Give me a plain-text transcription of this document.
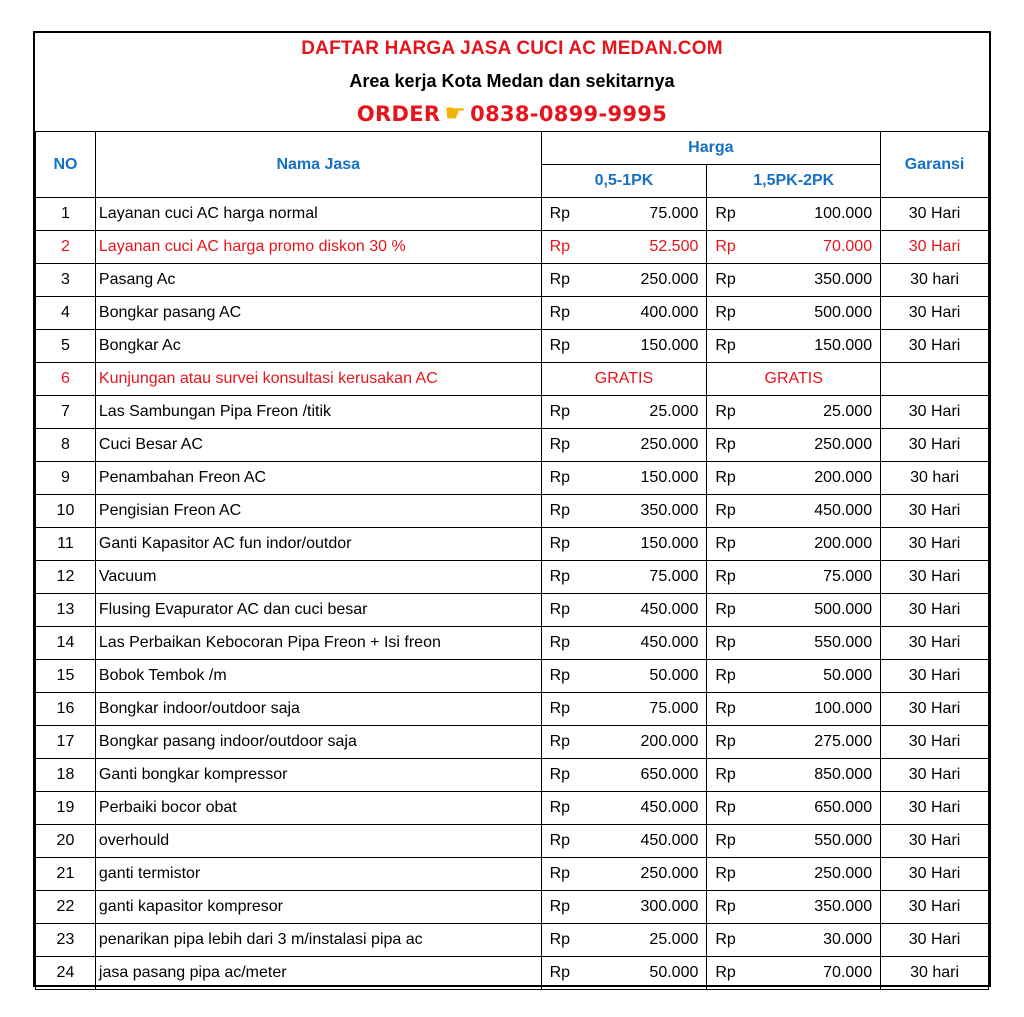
DAFTAR HARGA JASA CUCI AC MEDAN.COM
Area kerja Kota Medan dan sekitarnya
ORDER ☛ 0838-0899-9995
NO	Nama Jasa	Harga		Garansi
		0,5-1PK	1,5PK-2PK	
1	Layanan cuci AC harga normal	Rp 75.000	Rp 100.000	30 Hari
2	Layanan cuci AC harga promo diskon 30 %	Rp 52.500	Rp 70.000	30 Hari
3	Pasang Ac	Rp 250.000	Rp 350.000	30 hari
4	Bongkar pasang AC	Rp 400.000	Rp 500.000	30 Hari
5	Bongkar Ac	Rp 150.000	Rp 150.000	30 Hari
6	Kunjungan atau survei konsultasi kerusakan AC	GRATIS	GRATIS	
7	Las Sambungan Pipa Freon /titik	Rp 25.000	Rp 25.000	30 Hari
8	Cuci Besar AC	Rp 250.000	Rp 250.000	30 Hari
9	Penambahan Freon AC	Rp 150.000	Rp 200.000	30 hari
10	Pengisian Freon AC	Rp 350.000	Rp 450.000	30 Hari
11	Ganti Kapasitor AC fun indor/outdor	Rp 150.000	Rp 200.000	30 Hari
12	Vacuum	Rp 75.000	Rp 75.000	30 Hari
13	Flusing Evapurator AC dan cuci besar	Rp 450.000	Rp 500.000	30 Hari
14	Las Perbaikan Kebocoran Pipa Freon + Isi freon	Rp 450.000	Rp 550.000	30 Hari
15	Bobok Tembok /m	Rp 50.000	Rp 50.000	30 Hari
16	Bongkar indoor/outdoor saja	Rp 75.000	Rp 100.000	30 Hari
17	Bongkar pasang indoor/outdoor saja	Rp 200.000	Rp 275.000	30 Hari
18	Ganti bongkar kompressor	Rp 650.000	Rp 850.000	30 Hari
19	Perbaiki bocor obat	Rp 450.000	Rp 650.000	30 Hari
20	overhould	Rp 450.000	Rp 550.000	30 Hari
21	ganti termistor	Rp 250.000	Rp 250.000	30 Hari
22	ganti kapasitor kompresor	Rp 300.000	Rp 350.000	30 Hari
23	penarikan pipa lebih dari 3 m/instalasi pipa ac	Rp 25.000	Rp 30.000	30 Hari
24	jasa pasang pipa ac/meter	Rp 50.000	Rp 70.000	30 hari
